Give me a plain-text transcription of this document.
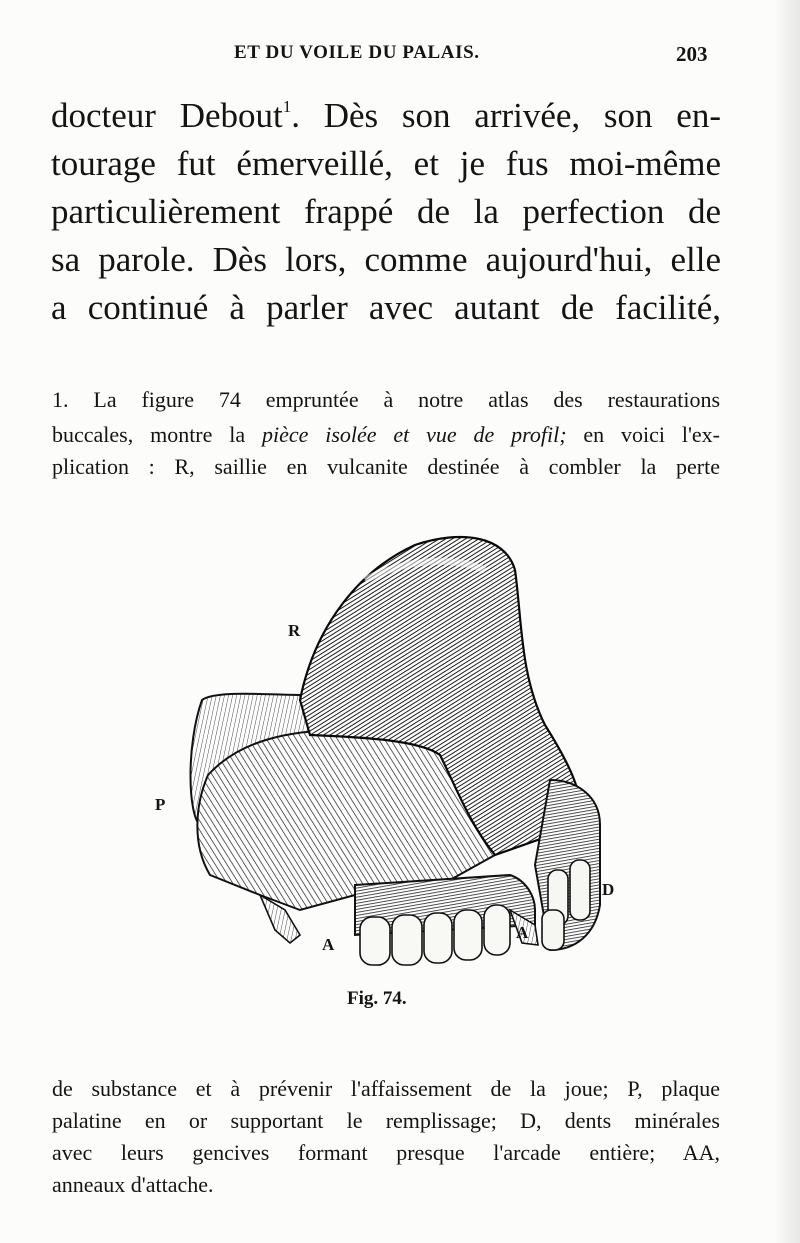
ET DU VOILE DU PALAIS.	203
docteur Debout$^1$. Dès son arrivée, son en-
tourage fut émerveillé, et je fus moi-même
particulièrement frappé de la perfection de
sa parole. Dès lors, comme aujourd'hui, elle
a continué à parler avec autant de facilité,
1. La figure 74 empruntée à notre atlas des restaurations
buccales, montre la pièce isolée et vue de profil; en voici l'ex-
plication : R, saillie en vulcanite destinée à combler la perte
R
P
D
A
A
Fig. 74.
de substance et à prévenir l'affaissement de la joue; P, plaque
palatine en or supportant le remplissage; D, dents minérales
avec leurs gencives formant presque l'arcade entière; AA,
anneaux d'attache.
